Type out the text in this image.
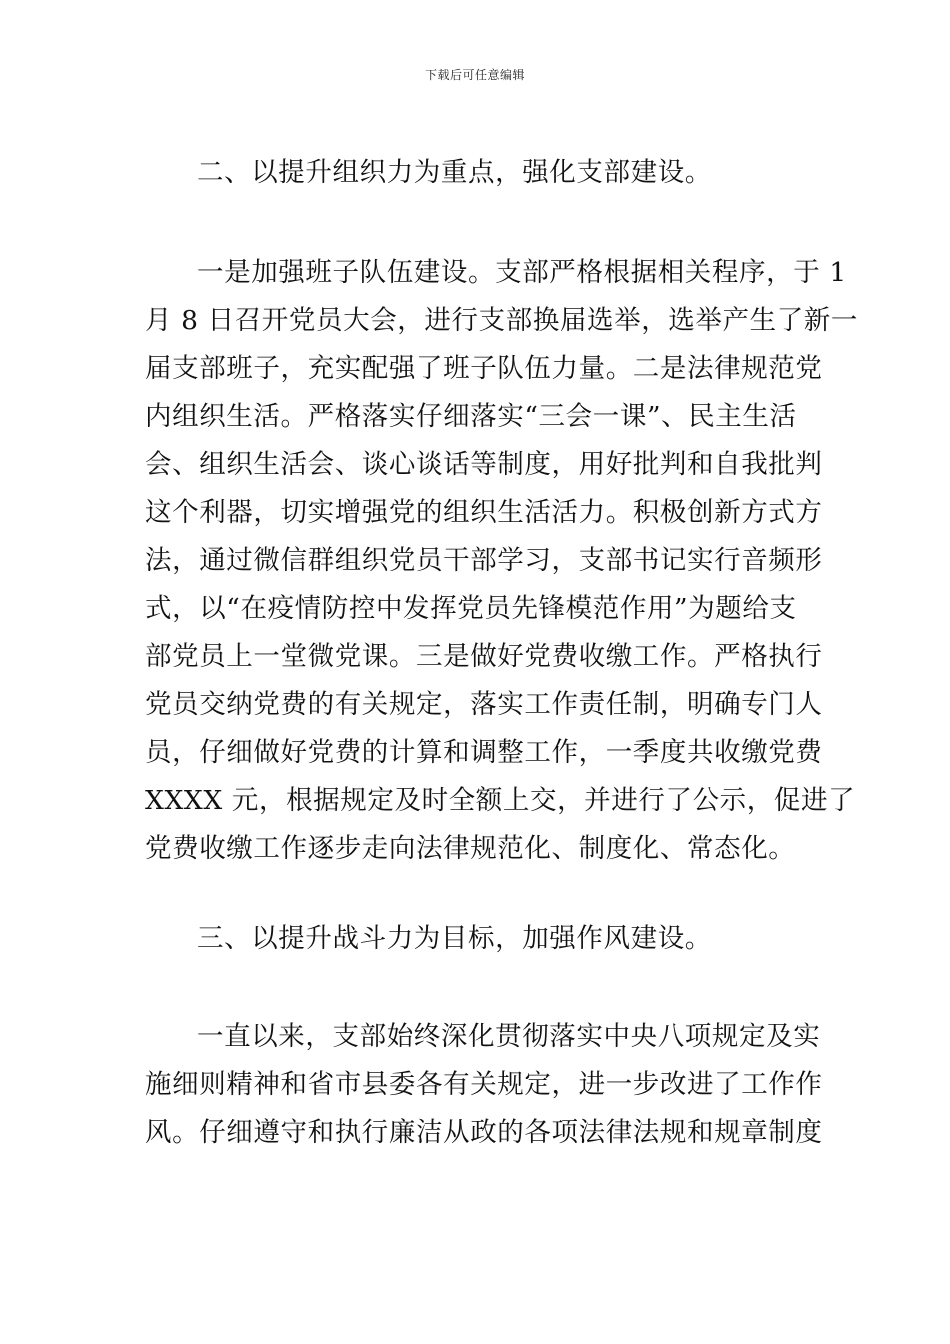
下载后可任意编辑
二、以提升组织力为重点，强化支部建设。
一是加强班子队伍建设。支部严格根据相关程序，于 1
月 8 日召开党员大会，进行支部换届选举，选举产生了新一
届支部班子，充实配强了班子队伍力量。二是法律规范党
内组织生活。严格落实仔细落实“三会一课”、民主生活
会、组织生活会、谈心谈话等制度，用好批判和自我批判
这个利器，切实增强党的组织生活活力。积极创新方式方
法，通过微信群组织党员干部学习，支部书记实行音频形
式，以“在疫情防控中发挥党员先锋模范作用”为题给支
部党员上一堂微党课。三是做好党费收缴工作。严格执行
党员交纳党费的有关规定，落实工作责任制，明确专门人
员，仔细做好党费的计算和调整工作，一季度共收缴党费
XXXX 元，根据规定及时全额上交，并进行了公示，促进了
党费收缴工作逐步走向法律规范化、制度化、常态化。
三、以提升战斗力为目标，加强作风建设。
一直以来，支部始终深化贯彻落实中央八项规定及实
施细则精神和省市县委各有关规定，进一步改进了工作作
风。仔细遵守和执行廉洁从政的各项法律法规和规章制度
